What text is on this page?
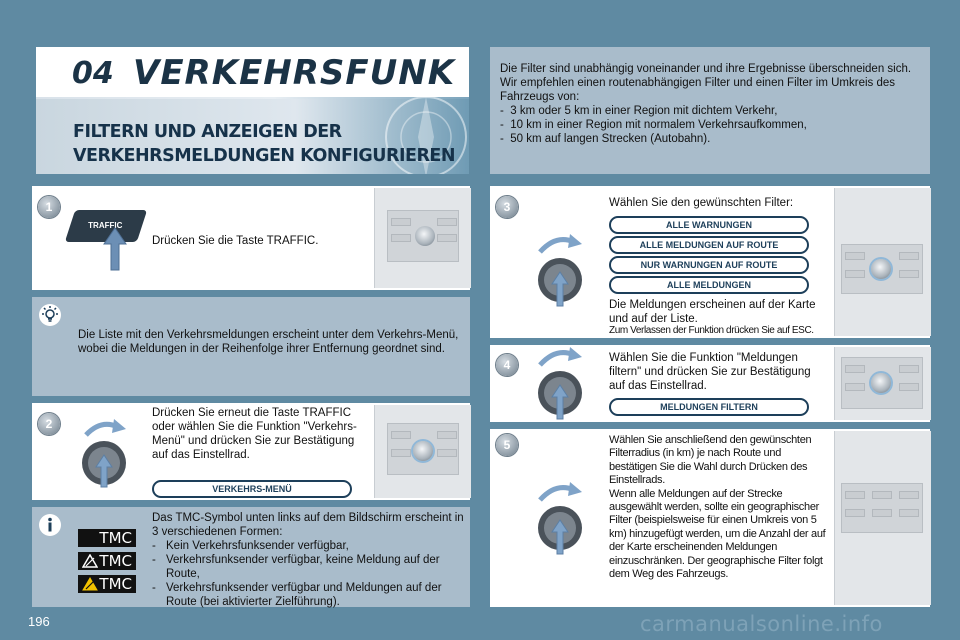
04 VERKEHRSFUNK
FILTERN UND ANZEIGEN DER
VERKEHRSMELDUNGEN KONFIGURIEREN
Die Filter sind unabhängig voneinander und ihre Ergebnisse überschneiden sich.
Wir empfehlen einen routenabhängigen Filter und einen Filter im Umkreis des Fahrzeugs von:
-  3 km oder 5 km in einer Region mit dichtem Verkehr,
-  10 km in einer Region mit normalem Verkehrsaufkommen,
-  50 km auf langen Strecken (Autobahn).
1
TRAFFIC
Drücken Sie die Taste TRAFFIC.
Die Liste mit den Verkehrsmeldungen erscheint unter dem Verkehrs-Menü, wobei die Meldungen in der Reihenfolge ihrer Entfernung geordnet sind.
2
Drücken Sie erneut die Taste TRAFFIC oder wählen Sie die Funktion "Verkehrs-Menü" und drücken Sie zur Bestätigung auf das Einstellrad.
VERKEHRS-MENÜ
TMC
TMC
TMC
Das TMC-Symbol unten links auf dem Bildschirm erscheint in 3 verschiedenen Formen:
- Kein Verkehrsfunksender verfügbar,
- Verkehrsfunksender verfügbar, keine Meldung auf der Route,
- Verkehrsfunksender verfügbar und Meldungen auf der Route (bei aktivierter Zielführung).
3	Wählen Sie den gewünschten Filter:
ALLE WARNUNGEN
ALLE MELDUNGEN AUF ROUTE
NUR WARNUNGEN AUF ROUTE
ALLE MELDUNGEN
Die Meldungen erscheinen auf der Karte und auf der Liste.
Zum Verlassen der Funktion drücken Sie auf ESC.
4	Wählen Sie die Funktion "Meldungen filtern" und drücken Sie zur Bestätigung auf das Einstellrad.
MELDUNGEN FILTERN
5	Wählen Sie anschließend den gewünschten Filterradius (in km) je nach Route und bestätigen Sie die Wahl durch Drücken des Einstellrads.
Wenn alle Meldungen auf der Strecke ausgewählt werden, sollte ein geographischer Filter (beispielsweise für einen Umkreis von 5 km) hinzugefügt werden, um die Anzahl der auf der Karte erscheinenden Meldungen einzuschränken. Der geographische Filter folgt dem Weg des Fahrzeugs.
196	carmanualsonline.info
